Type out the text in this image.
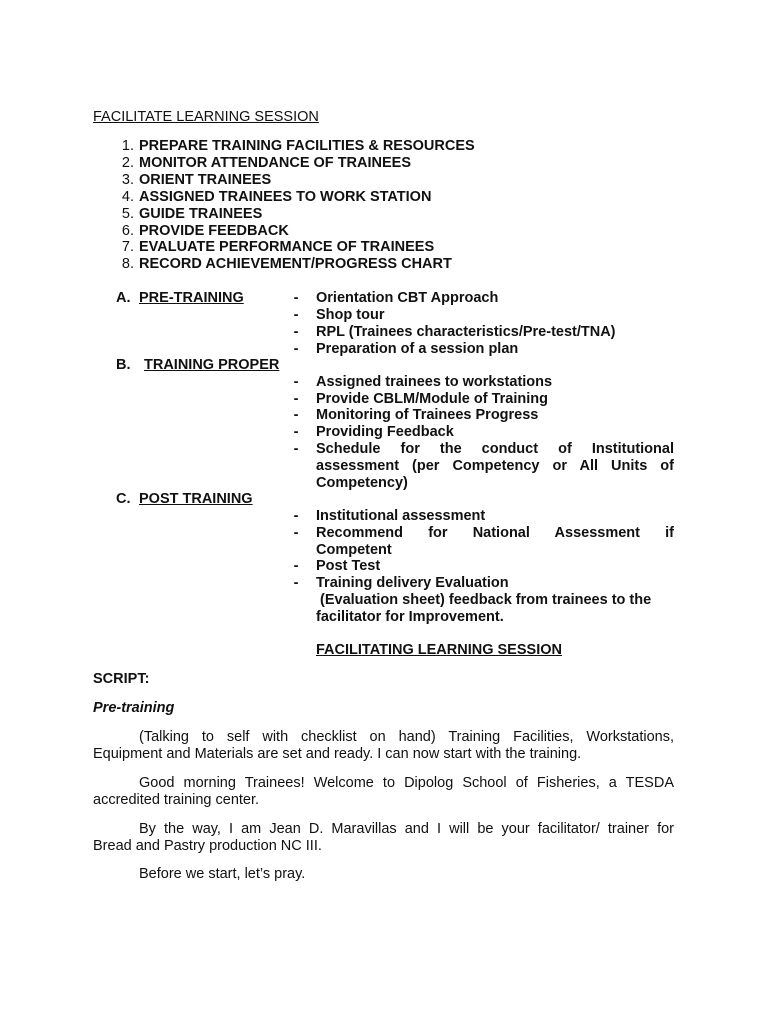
FACILITATE LEARNING SESSION
1. PREPARE TRAINING FACILITIES & RESOURCES
2. MONITOR ATTENDANCE OF TRAINEES
3. ORIENT TRAINEES
4. ASSIGNED TRAINEES TO WORK STATION
5. GUIDE TRAINEES
6. PROVIDE FEEDBACK
7. EVALUATE PERFORMANCE OF TRAINEES
8. RECORD ACHIEVEMENT/PROGRESS CHART
A. PRE-TRAINING	- Orientation CBT Approach
- Shop tour
- RPL (Trainees characteristics/Pre-test/TNA)
- Preparation of a session plan
B. TRAINING PROPER
- Assigned trainees to workstations
- Provide CBLM/Module of Training
- Monitoring of Trainees Progress
- Providing Feedback
- Schedule for the conduct of Institutional
assessment (per Competency or All Units of
Competency)
C. POST TRAINING
- Institutional assessment
- Recommend for National Assessment if
Competent
- Post Test
- Training delivery Evaluation
(Evaluation sheet) feedback from trainees to the
facilitator for Improvement.
FACILITATING LEARNING SESSION
SCRIPT:
Pre-training
(Talking to self with checklist on hand) Training Facilities, Workstations,
Equipment and Materials are set and ready. I can now start with the training.
Good morning Trainees! Welcome to Dipolog School of Fisheries, a TESDA
accredited training center.
By the way, I am Jean D. Maravillas and I will be your facilitator/ trainer for
Bread and Pastry production NC III.
Before we start, let’s pray.
